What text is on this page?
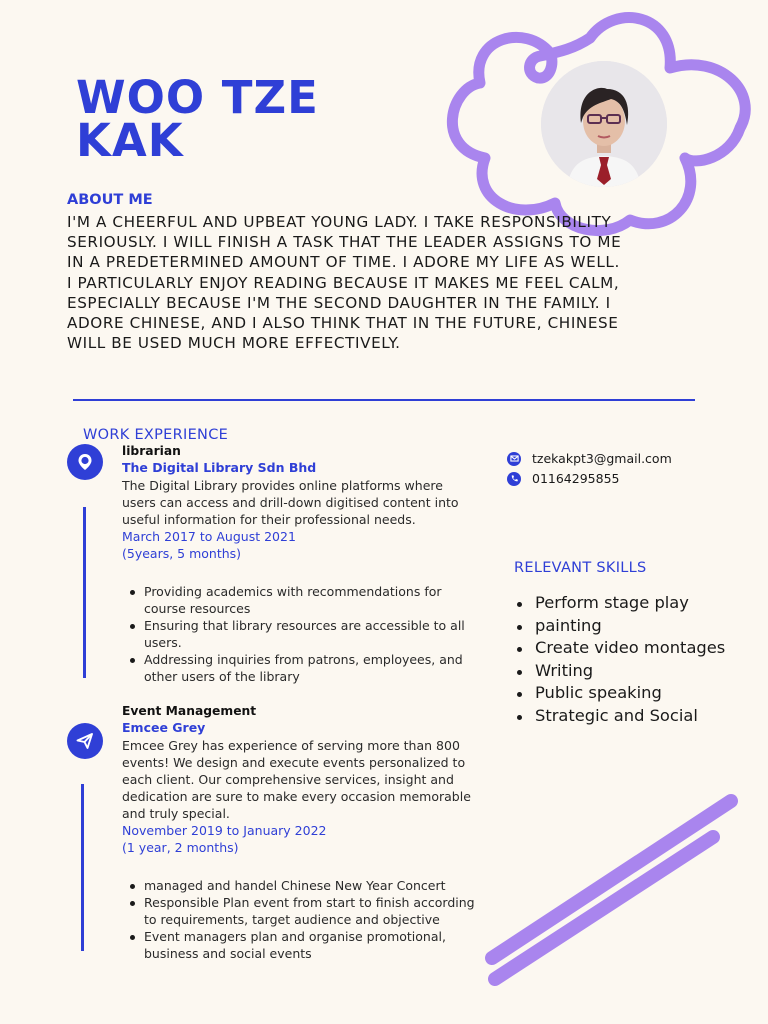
WOO TZE
KAK
ABOUT ME
I'M A CHEERFUL AND UPBEAT YOUNG LADY. I TAKE RESPONSIBILITY SERIOUSLY. I WILL FINISH A TASK THAT THE LEADER ASSIGNS TO ME IN A PREDETERMINED AMOUNT OF TIME. I ADORE MY LIFE AS WELL. I PARTICULARLY ENJOY READING BECAUSE IT MAKES ME FEEL CALM, ESPECIALLY BECAUSE I'M THE SECOND DAUGHTER IN THE FAMILY. I ADORE CHINESE, AND I ALSO THINK THAT IN THE FUTURE, CHINESE WILL BE USED MUCH MORE EFFECTIVELY.
WORK EXPERIENCE
librarian
The Digital Library Sdn Bhd
The Digital Library provides online platforms where users can access and drill-down digitised content into useful information for their professional needs.
March 2017 to August 2021
(5years, 5 months)
Providing academics with recommendations for course resources
Ensuring that library resources are accessible to all users.
Addressing inquiries from patrons, employees, and other users of the library
Event Management
Emcee Grey
Emcee Grey has experience of serving more than 800 events! We design and execute events personalized to each client. Our comprehensive services, insight and dedication are sure to make every occasion memorable and truly special.
November 2019 to January 2022
(1 year, 2 months)
managed and handel Chinese New Year Concert
Responsible Plan event from start to finish according to requirements, target audience and objective
Event managers plan and organise promotional, business and social events
tzekakpt3@gmail.com
01164295855
RELEVANT SKILLS
Perform stage play
painting
Create video montages
Writing
Public speaking
Strategic and Social
